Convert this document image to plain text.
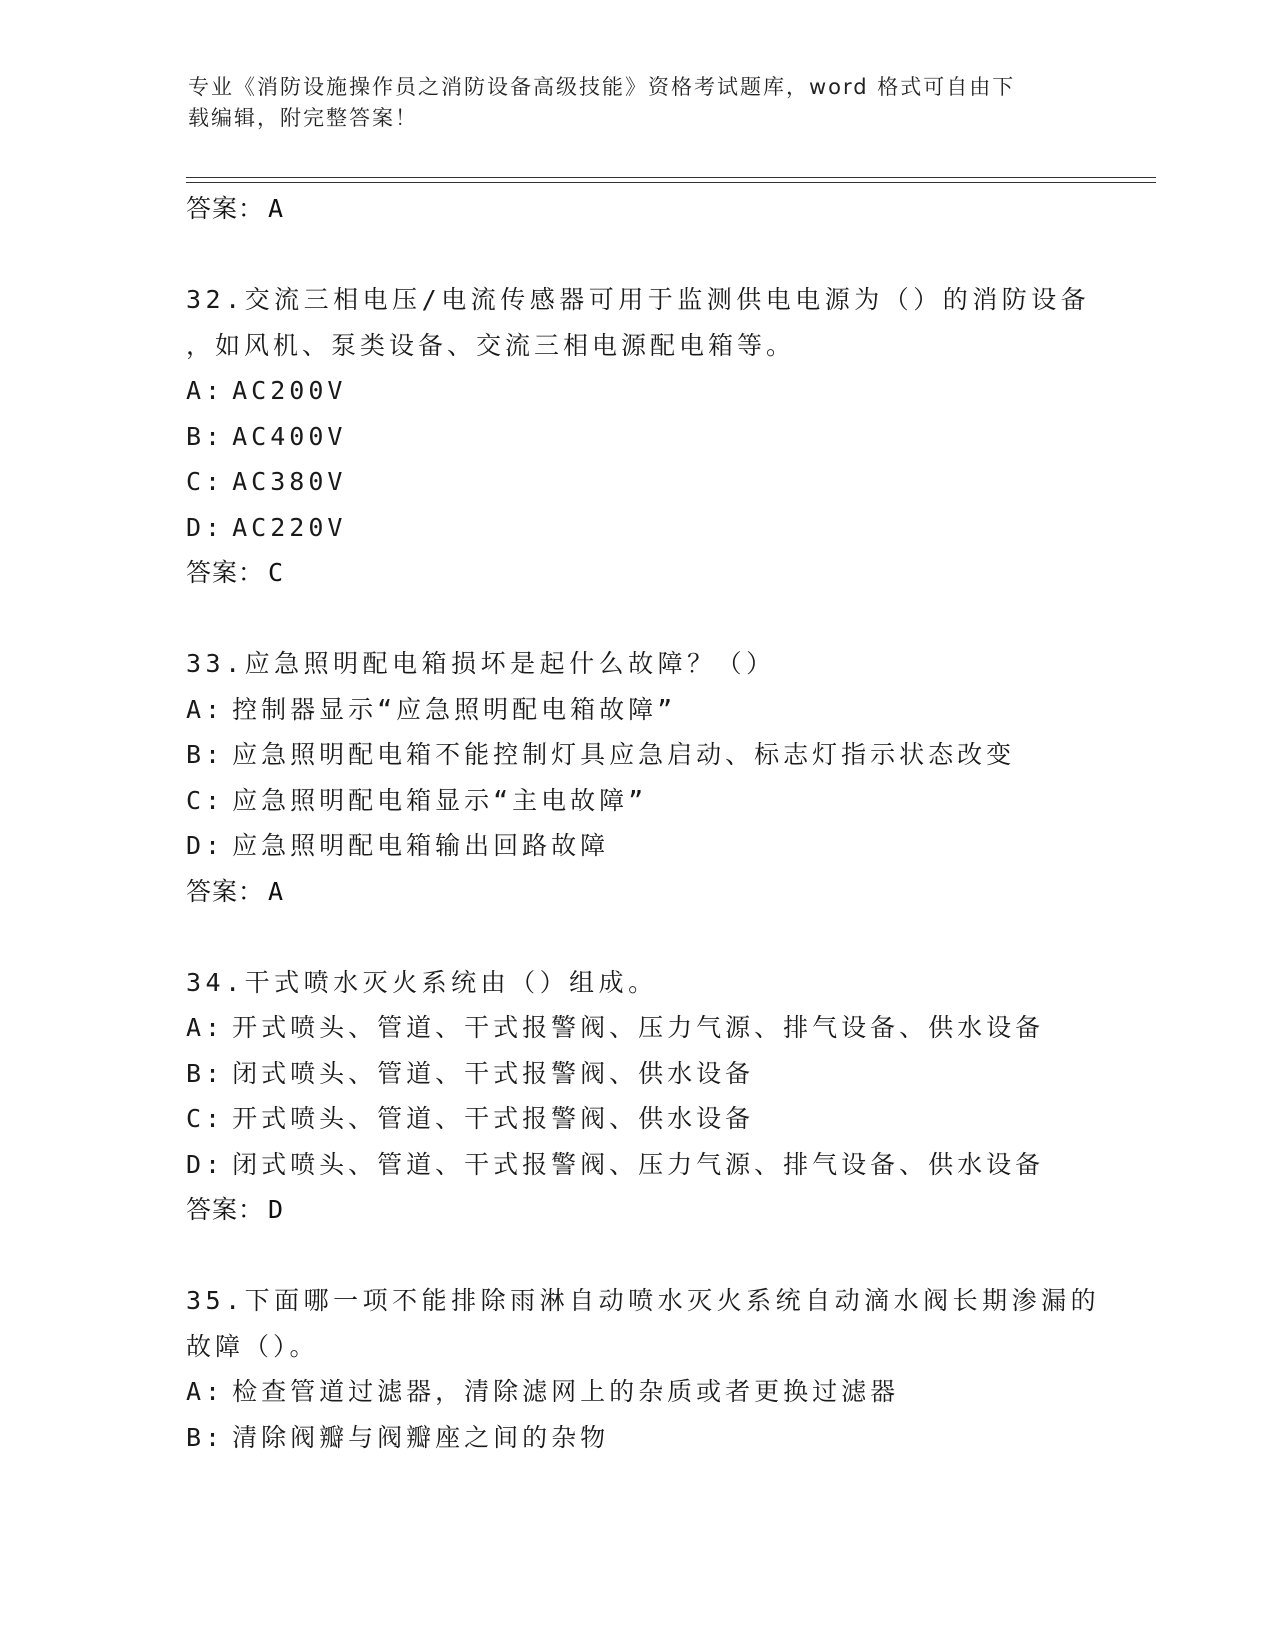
专业《消防设施操作员之消防设备高级技能》资格考试题库，word 格式可自由下
载编辑，附完整答案！
答案： A
32.交流三相电压/电流传感器可用于监测供电电源为（）的消防设备
，如风机、泵类设备、交流三相电源配电箱等。
A: AC200V
B: AC400V
C: AC380V
D: AC220V
答案： C
33.应急照明配电箱损坏是起什么故障？（）
A: 控制器显示“应急照明配电箱故障”
B: 应急照明配电箱不能控制灯具应急启动、标志灯指示状态改变
C: 应急照明配电箱显示“主电故障”
D: 应急照明配电箱输出回路故障
答案： A
34.干式喷水灭火系统由（）组成。
A: 开式喷头、管道、干式报警阀、压力气源、排气设备、供水设备
B: 闭式喷头、管道、干式报警阀、供水设备
C: 开式喷头、管道、干式报警阀、供水设备
D: 闭式喷头、管道、干式报警阀、压力气源、排气设备、供水设备
答案： D
35.下面哪一项不能排除雨淋自动喷水灭火系统自动滴水阀长期渗漏的
故障（）。
A: 检查管道过滤器，清除滤网上的杂质或者更换过滤器
B: 清除阀瓣与阀瓣座之间的杂物
